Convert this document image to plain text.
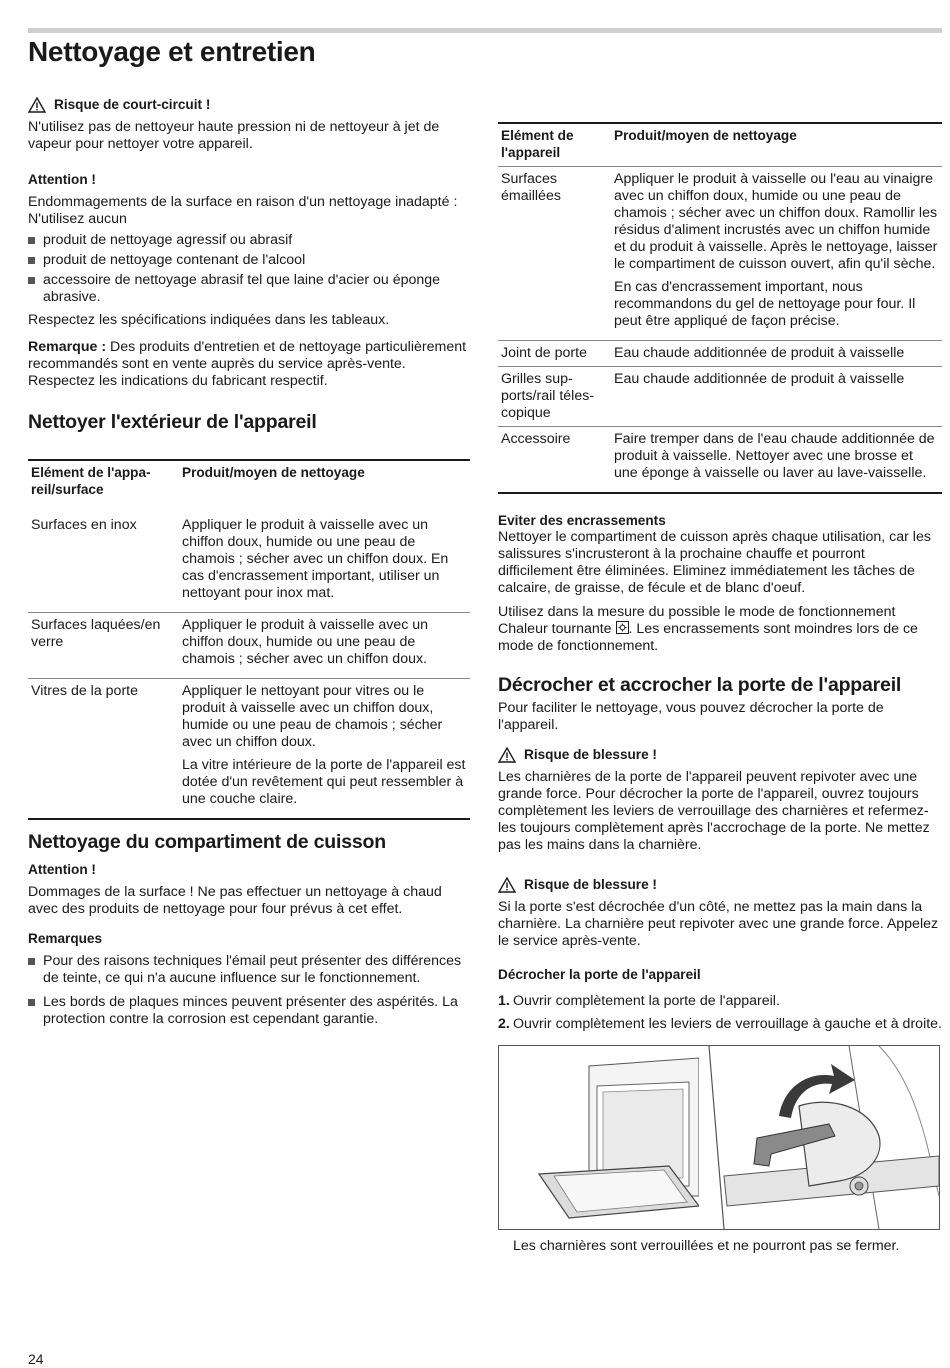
Nettoyage et entretien
Risque de court-circuit !

N'utilisez pas de nettoyeur haute pression ni de nettoyeur à jet de vapeur pour nettoyer votre appareil.

Attention !

Endommagements de la surface en raison d'un nettoyage inadapté : N'utilisez aucun

produit de nettoyage agressif ou abrasif
produit de nettoyage contenant de l'alcool
accessoire de nettoyage abrasif tel que laine d'acier ou éponge abrasive.

Respectez les spécifications indiquées dans les tableaux.

Remarque : Des produits d'entretien et de nettoyage particulièrement recommandés sont en vente auprès du service après-vente. Respectez les indications du fabricant respectif.

Nettoyer l'extérieur de l'appareil
Elément de l'appareil/surface	Produit/moyen de nettoyage
Surfaces en inox	Appliquer le produit à vaisselle avec un chiffon doux, humide ou une peau de chamois ; sécher avec un chiffon doux. En cas d'encrassement important, utiliser un nettoyant pour inox mat.

Surfaces laquées/en verre	Appliquer le produit à vaisselle avec un chiffon doux, humide ou une peau de chamois ; sécher avec un chiffon doux.

Vitres de la porte	Appliquer le nettoyant pour vitres ou le produit à vaisselle avec un chiffon doux, humide ou une peau de chamois ; sécher avec un chiffon doux.

La vitre intérieure de la porte de l'appareil est dotée d'un revêtement qui peut ressembler à une couche claire.

Nettoyage du compartiment de cuisson
Attention !

Dommages de la surface ! Ne pas effectuer un nettoyage à chaud avec des produits de nettoyage pour four prévus à cet effet.

Remarques
Pour des raisons techniques l'émail peut présenter des différences de teinte, ce qui n'a aucune influence sur le fonctionnement.
Les bords de plaques minces peuvent présenter des aspérités. La protection contre la corrosion est cependant garantie.
Elément de l'appareil	Produit/moyen de nettoyage
Surfaces émaillées	Appliquer le produit à vaisselle ou l'eau au vinaigre avec un chiffon doux, humide ou une peau de chamois ; sécher avec un chiffon doux. Ramollir les résidus d'aliment incrustés avec un chiffon humide et du produit à vaisselle. Après le nettoyage, laisser le compartiment de cuisson ouvert, afin qu'il sèche.

En cas d'encrassement important, nous recommandons du gel de nettoyage pour four. Il peut être appliqué de façon précise.

Joint de porte	Eau chaude additionnée de produit à vaisselle
Grilles supports/rail télescopique	Eau chaude additionnée de produit à vaisselle
Accessoire	Faire tremper dans de l'eau chaude additionnée de produit à vaisselle. Nettoyer avec une brosse et une éponge à vaisselle ou laver au lave-vaisselle.

Eviter des encrassements

Nettoyer le compartiment de cuisson après chaque utilisation, car les salissures s'incrusteront à la prochaine chauffe et pourront difficilement être éliminées. Eliminez immédiatement les tâches de calcaire, de graisse, de fécule et de blanc d'oeuf.

Utilisez dans la mesure du possible le mode de fonctionnement Chaleur tournante
. Les encrassements sont moindres lors de ce mode de fonctionnement.

Décrocher et accrocher la porte de l'appareil

Pour faciliter le nettoyage, vous pouvez décrocher la porte de l'appareil.

Risque de blessure !

Les charnières de la porte de l'appareil peuvent repivoter avec une grande force. Pour décrocher la porte de l'appareil, ouvrez toujours complètement les leviers de verrouillage des charnières et refermez-les toujours complètement après l'accrochage de la porte. Ne mettez pas les mains dans la charnière.

Risque de blessure !

Si la porte s'est décrochée d'un côté, ne mettez pas la main dans la charnière. La charnière peut repivoter avec une grande force. Appelez le service après-vente.

Décrocher la porte de l'appareil
1. Ouvrir complètement la porte de l'appareil.
2. Ouvrir complètement les leviers de verrouillage à gauche et à droite.

Les charnières sont verrouillées et ne pourront pas se fermer.

24
